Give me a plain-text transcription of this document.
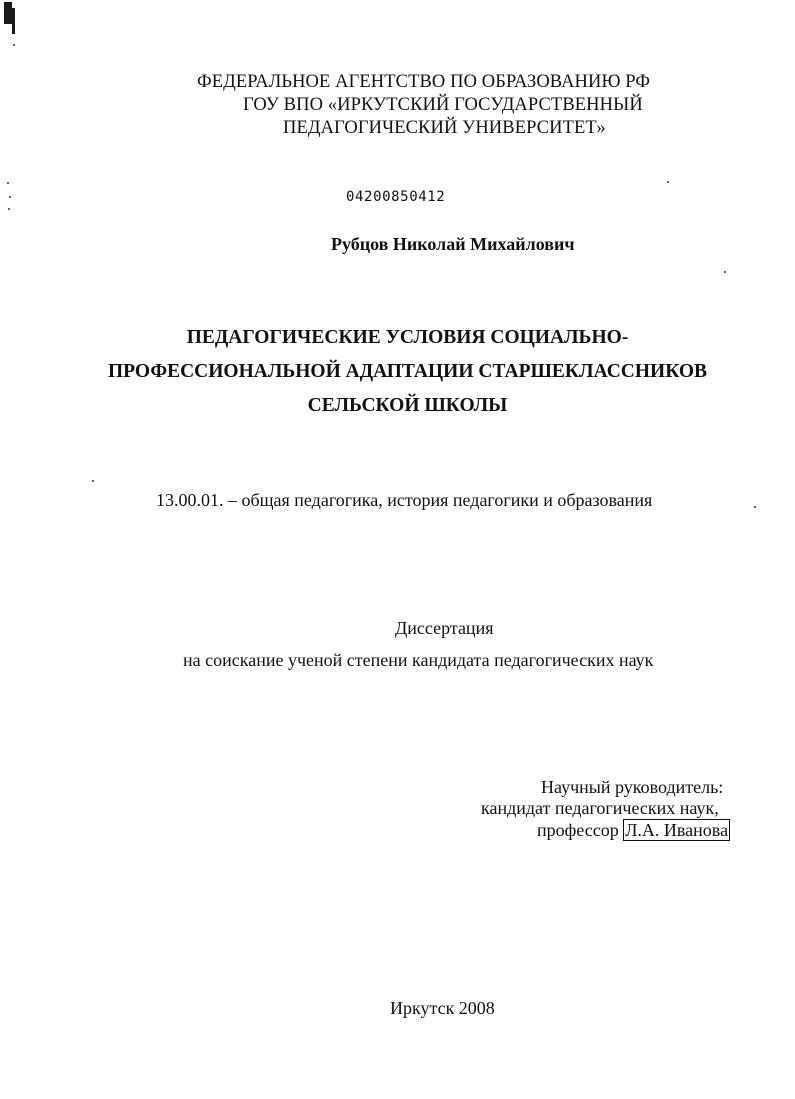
ФЕДЕРАЛЬНОЕ АГЕНТСТВО ПО ОБРАЗОВАНИЮ РФ
ГОУ ВПО «ИРКУТСКИЙ ГОСУДАРСТВЕННЫЙ
ПЕДАГОГИЧЕСКИЙ УНИВЕРСИТЕТ»
04200850412
Рубцов Николай Михайлович
ПЕДАГОГИЧЕСКИЕ УСЛОВИЯ СОЦИАЛЬНО-
ПРОФЕССИОНАЛЬНОЙ АДАПТАЦИИ СТАРШЕКЛАССНИКОВ
СЕЛЬСКОЙ ШКОЛЫ
13.00.01. – общая педагогика, история педагогики и образования
Диссертация
на соискание ученой степени кандидата педагогических наук
Научный руководитель:
кандидат педагогических наук,
профессор Л.А. Иванова
Иркутск 2008
